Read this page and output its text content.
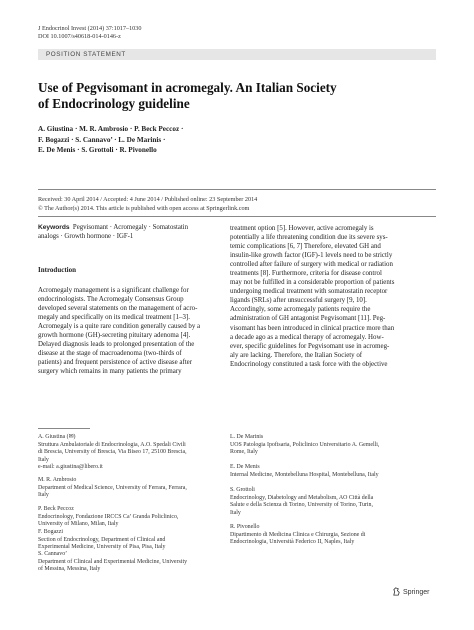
J Endocrinol Invest (2014) 37:1017–1030
DOI 10.1007/s40618-014-0146-z
POSITION STATEMENT
Use of Pegvisomant in acromegaly. An Italian Society
of Endocrinology guideline
A. Giustina · M. R. Ambrosio · P. Beck Peccoz ·
F. Bogazzi · S. Cannavo’ · L. De Marinis ·
E. De Menis · S. Grottoli · R. Pivonello
Received: 30 April 2014 / Accepted: 4 June 2014 / Published online: 23 September 2014
© The Author(s) 2014. This article is published with open access at Springerlink.com
Keywords Pegvisomant · Acromegaly · Somatostatin
analogs · Growth hormone · IGF-1
Introduction
Acromegaly management is a significant challenge for
endocrinologists. The Acromegaly Consensus Group
developed several statements on the management of acro-
megaly and specifically on its medical treatment [1–3].
Acromegaly is a quite rare condition generally caused by a
growth hormone (GH)-secreting pituitary adenoma [4].
Delayed diagnosis leads to prolonged presentation of the
disease at the stage of macroadenoma (two-thirds of
patients) and frequent persistence of active disease after
surgery which remains in many patients the primary
treatment option [5]. However, active acromegaly is
potentially a life threatening condition due its severe sys-
temic complications [6, 7] Therefore, elevated GH and
insulin-like growth factor (IGF)-1 levels need to be strictly
controlled after failure of surgery with medical or radiation
treatments [8]. Furthermore, criteria for disease control
may not be fulfilled in a considerable proportion of patients
undergoing medical treatment with somatostatin receptor
ligands (SRLs) after unsuccessful surgery [9, 10].
Accordingly, some acromegaly patients require the
administration of GH antagonist Pegvisomant [11]. Peg-
visomant has been introduced in clinical practice more than
a decade ago as a medical therapy of acromegaly. How-
ever, specific guidelines for Pegvisomant use in acromeg-
aly are lacking. Therefore, the Italian Society of
Endocrinology constituted a task force with the objective
A. Giustina (✉)
Struttura Ambulatoriale di Endocrinologia, A.O. Spedali Civili
di Brescia, University of Brescia, Via Biseo 17, 25100 Brescia,
Italy
e-mail: a.giustina@libero.it
M. R. Ambrosio
Department of Medical Science, University of Ferrara, Ferrara,
Italy
P. Beck Peccoz
Endocrinology, Fondazione IRCCS Ca’ Granda Policlinico,
University of Milano, Milan, Italy
F. Bogazzi
Section of Endocrinology, Department of Clinical and
Experimental Medicine, University of Pisa, Pisa, Italy
S. Cannavo’
Department of Clinical and Experimental Medicine, University
of Messina, Messina, Italy
L. De Marinis
UOS Patologia Ipofisaria, Policlinico Universitario A. Gemelli,
Rome, Italy
E. De Menis
Internal Medicine, Montebelluna Hospital, Montebelluna, Italy
S. Grottoli
Endocrinology, Diabetology and Metabolism, AO Città della
Salute e della Scienza di Torino, University of Torino, Turin,
Italy
R. Pivonello
Dipartimento di Medicina Clinica e Chirurgia, Sezione di
Endocrinologia, Università Federico II, Naples, Italy
Springer
